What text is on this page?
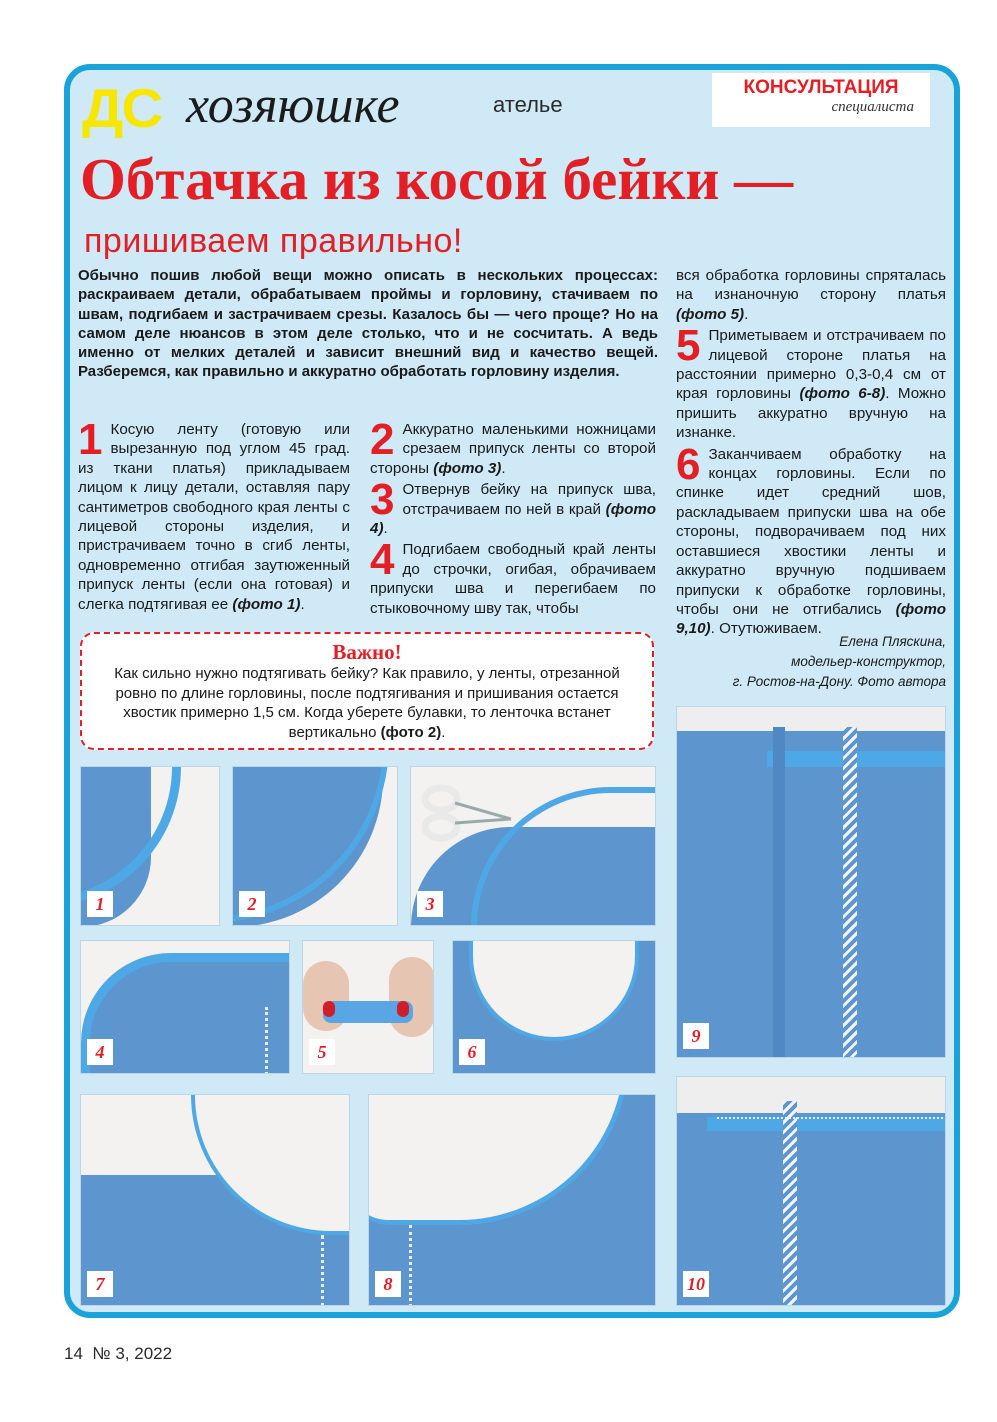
ДС хозяюшке	ателье
КОНСУЛЬТАЦИЯ
специалиста
Обтачка из косой бейки —
пришиваем правильно!
Обычно пошив любой вещи можно описать в нескольких процессах: раскраиваем детали, обрабатываем проймы и горловину, стачиваем по швам, подгибаем и застрачиваем срезы. Казалось бы — чего проще? Но на самом деле нюансов в этом деле столько, что и не сосчитать. А ведь именно от мелких деталей и зависит внешний вид и качество вещей. Разберемся, как правильно и аккуратно обработать горловину изделия.

1 Косую ленту (готовую или вырезанную под углом 45 град. из ткани платья) прикладываем лицом к лицу детали, оставляя пару сантиметров свободного края ленты с лицевой стороны изделия, и пристрачиваем точно в сгиб ленты, одновременно отгибая заутюженный припуск ленты (если она готовая) и слегка подтягивая ее (фото 1).

2 Аккуратно маленькими ножницами срезаем припуск ленты со второй стороны (фото 3).

3 Отвернув бейку на припуск шва, отстрачиваем по ней в край (фото 4).

4 Подгибаем свободный край ленты до строчки, огибая, обрачиваем припуски шва и перегибаем по стыковочному шву так, чтобы

вся обработка горловины спряталась на изнаночную сторону платья (фото 5).

5 Приметываем и отстрачиваем по лицевой стороне платья на расстоянии примерно 0,3-0,4 см от края горловины (фото 6-8). Можно пришить аккуратно вручную на изнанке.

6 Заканчиваем обработку на концах горловины. Если по спинке идет средний шов, раскладываем припуски шва на обе стороны, подворачиваем под них оставшиеся хвостики ленты и аккуратно вручную подшиваем припуски к обработке горловины, чтобы они не отгибались (фото 9,10). Отутюживаем.

Елена Пляскина,
модельер-конструктор,
г. Ростов-на-Дону. Фото автора
Важно!
Как сильно нужно подтягивать бейку? Как правило, у ленты, отрезанной ровно по длине горловины, после подтягивания и пришивания остается хвостик примерно 1,5 см. Когда уберете булавки, то ленточка встанет вертикально (фото 2).
1	2	3
4	5	6
7	8
9
10
14 № 3, 2022
